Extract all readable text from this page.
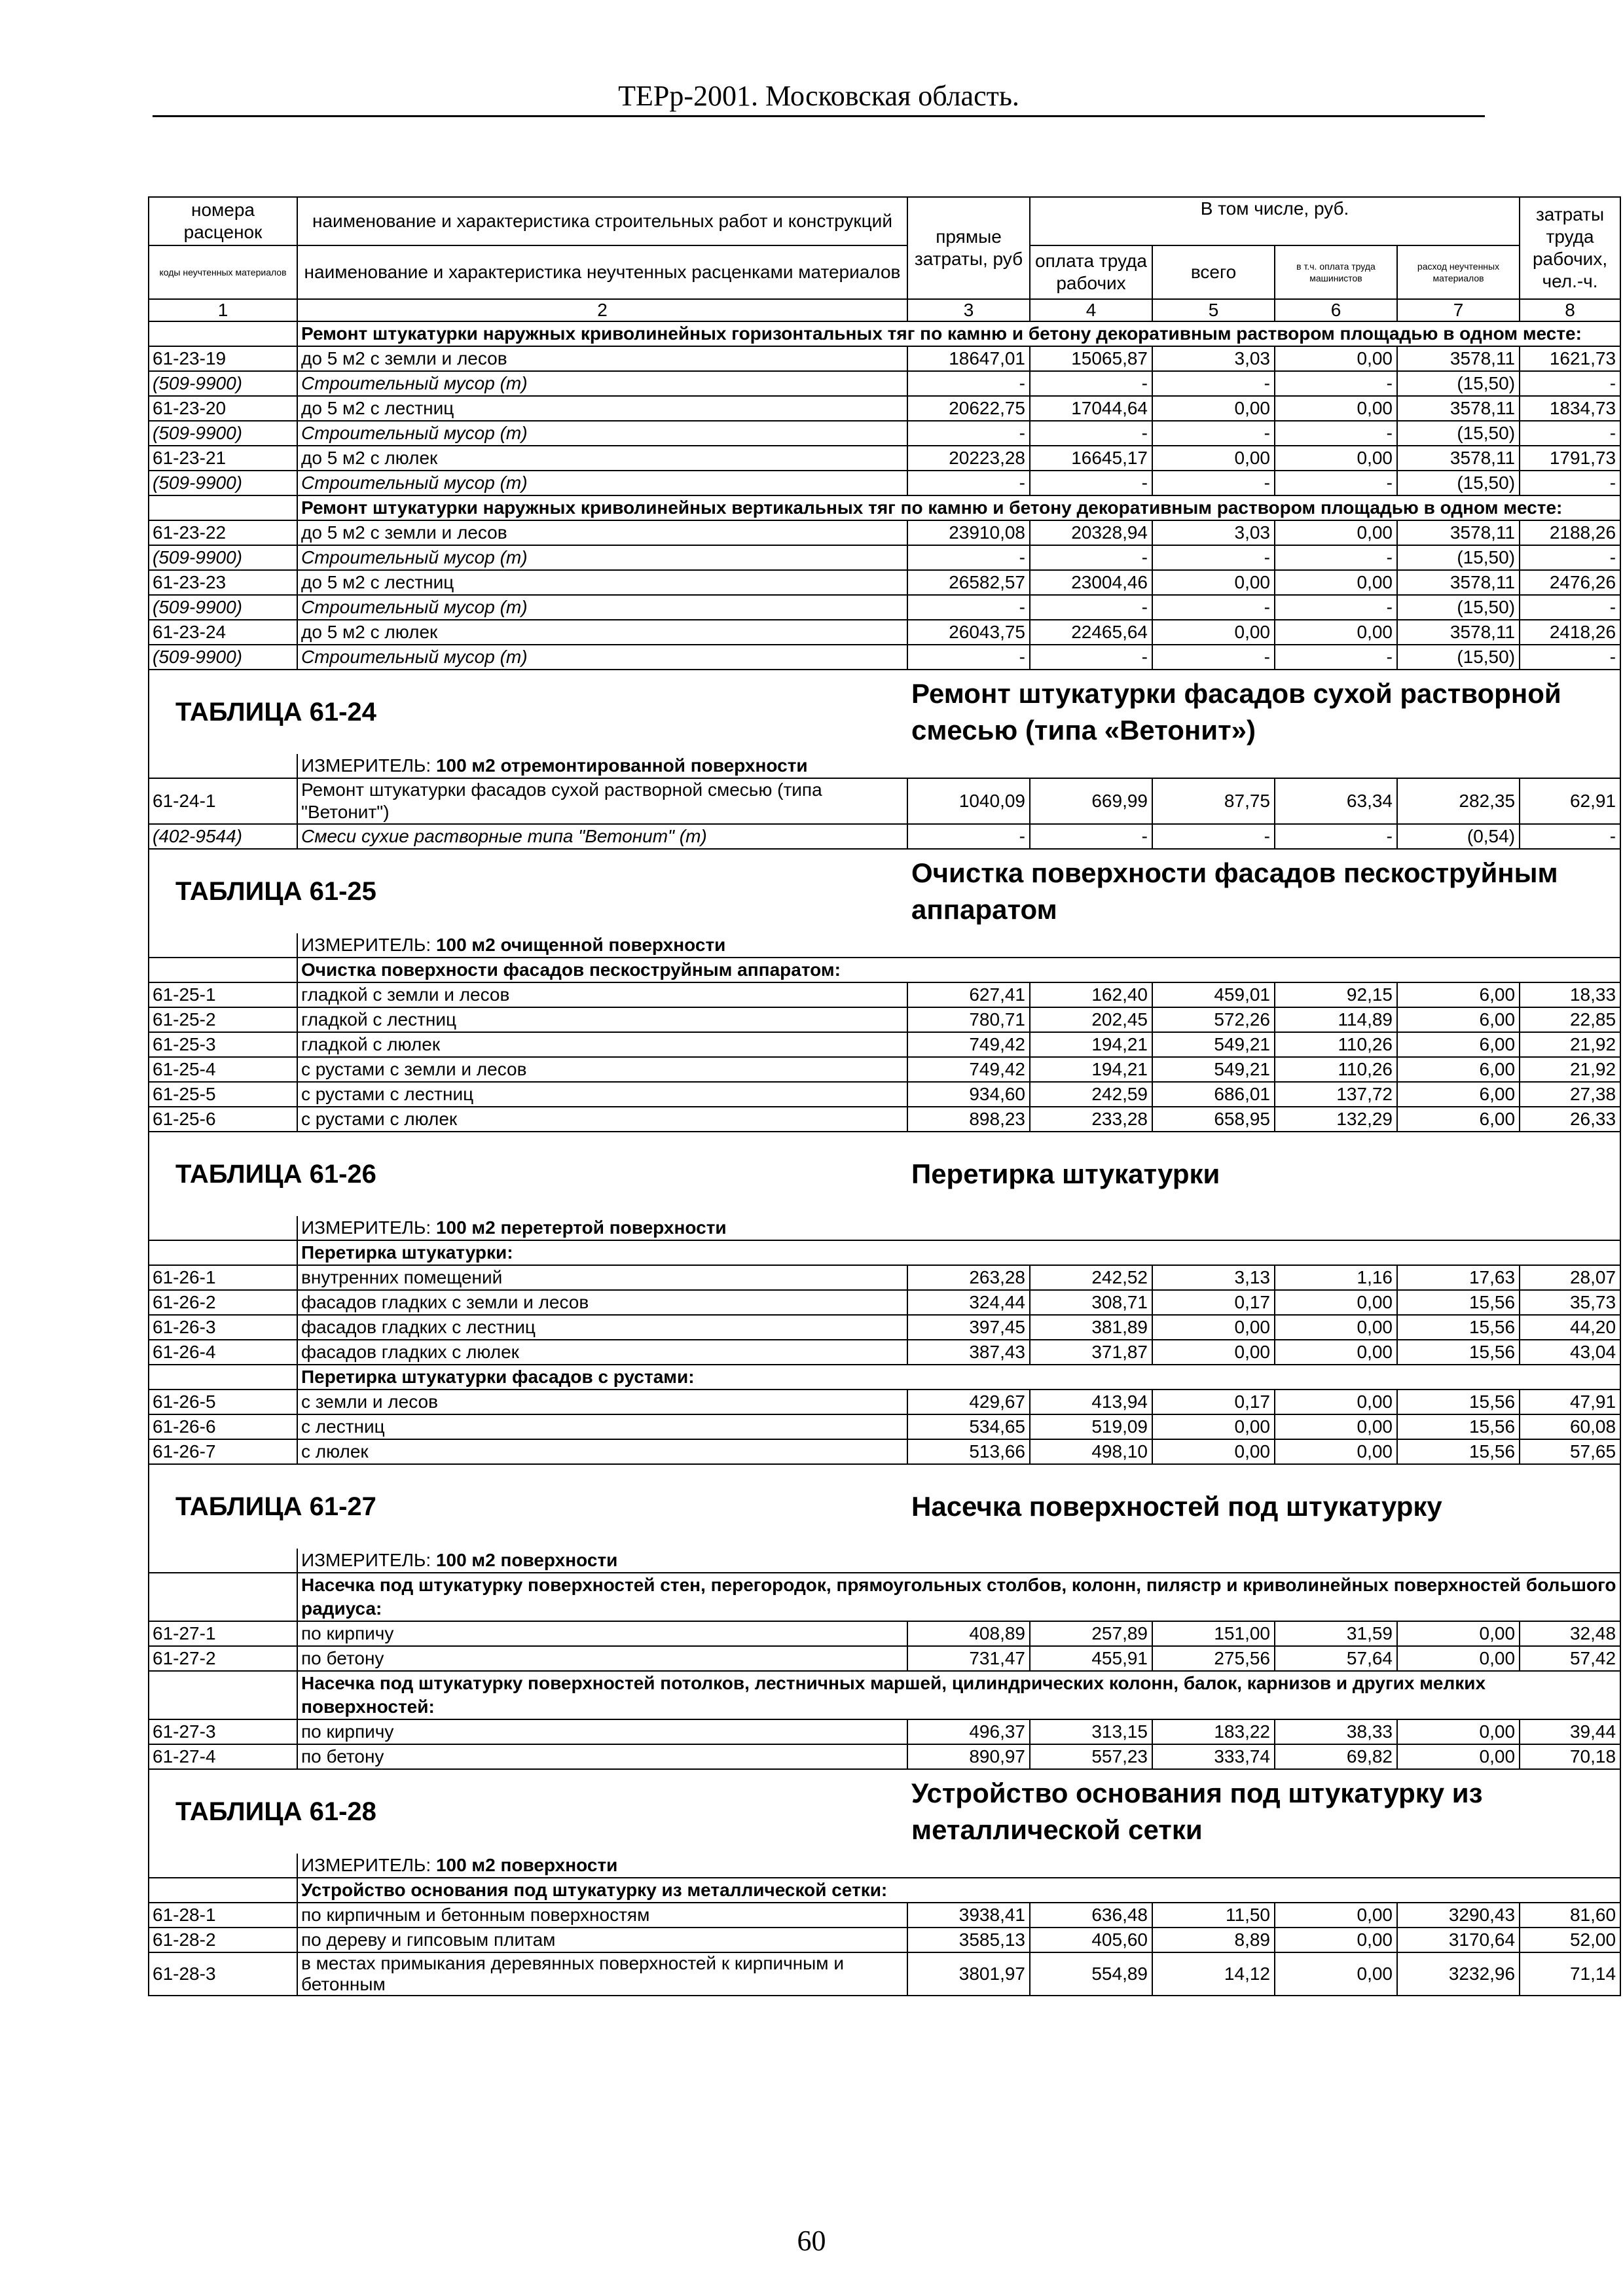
ТЕРр-2001. Московская область.
номера расценок	наименование и характеристика строительных работ и конструкций	прямые затраты, руб	В том числе, руб.				затраты труда рабочих, чел.-ч.
коды неучтенных материалов	наименование и характеристика неучтенных расценками материалов		оплата труда рабочих	всего	в т.ч. оплата труда машинистов	расход неучтенных материалов	
1	2	3	4	5	6	7	8
	Ремонт штукатурки наружных криволинейных горизонтальных тяг по камню и бетону декоративным раствором площадью в одном месте:						
61-23-19	до 5 м2 с земли и лесов	18647,01	15065,87	3,03	0,00	3578,11	1621,73
(509-9900)	Строительный мусор (т)	-	-	-	-	(15,50)	-
61-23-20	до 5 м2 с лестниц	20622,75	17044,64	0,00	0,00	3578,11	1834,73
(509-9900)	Строительный мусор (т)	-	-	-	-	(15,50)	-
61-23-21	до 5 м2 с люлек	20223,28	16645,17	0,00	0,00	3578,11	1791,73
(509-9900)	Строительный мусор (т)	-	-	-	-	(15,50)	-
	Ремонт штукатурки наружных криволинейных вертикальных тяг по камню и бетону декоративным раствором площадью в одном месте:						
61-23-22	до 5 м2 с земли и лесов	23910,08	20328,94	3,03	0,00	3578,11	2188,26
(509-9900)	Строительный мусор (т)	-	-	-	-	(15,50)	-
61-23-23	до 5 м2 с лестниц	26582,57	23004,46	0,00	0,00	3578,11	2476,26
(509-9900)	Строительный мусор (т)	-	-	-	-	(15,50)	-
61-23-24	до 5 м2 с люлек	26043,75	22465,64	0,00	0,00	3578,11	2418,26
(509-9900)	Строительный мусор (т)	-	-	-	-	(15,50)	-
ТАБЛИЦА 61-24		Ремонт штукатурки фасадов сухой растворной смесью (типа «Ветонит»)					
	ИЗМЕРИТЕЛЬ: 100 м2 отремонтированной поверхности						
61-24-1	Ремонт штукатурки фасадов сухой растворной смесью (типа "Ветонит")	1040,09	669,99	87,75	63,34	282,35	62,91
(402-9544)	Смеси сухие растворные типа "Ветонит" (т)	-	-	-	-	(0,54)	-
ТАБЛИЦА 61-25		Очистка поверхности фасадов пескоструйным аппаратом					
	ИЗМЕРИТЕЛЬ: 100 м2 очищенной поверхности						
	Очистка поверхности фасадов пескоструйным аппаратом:						
61-25-1	гладкой с земли и лесов	627,41	162,40	459,01	92,15	6,00	18,33
61-25-2	гладкой с лестниц	780,71	202,45	572,26	114,89	6,00	22,85
61-25-3	гладкой с люлек	749,42	194,21	549,21	110,26	6,00	21,92
61-25-4	с рустами с земли и лесов	749,42	194,21	549,21	110,26	6,00	21,92
61-25-5	с рустами с лестниц	934,60	242,59	686,01	137,72	6,00	27,38
61-25-6	с рустами с люлек	898,23	233,28	658,95	132,29	6,00	26,33
ТАБЛИЦА 61-26		Перетирка штукатурки					
	ИЗМЕРИТЕЛЬ: 100 м2 перетертой поверхности						
	Перетирка штукатурки:						
61-26-1	внутренних помещений	263,28	242,52	3,13	1,16	17,63	28,07
61-26-2	фасадов гладких с земли и лесов	324,44	308,71	0,17	0,00	15,56	35,73
61-26-3	фасадов гладких с лестниц	397,45	381,89	0,00	0,00	15,56	44,20
61-26-4	фасадов гладких с люлек	387,43	371,87	0,00	0,00	15,56	43,04
	Перетирка штукатурки фасадов с рустами:						
61-26-5	с земли и лесов	429,67	413,94	0,17	0,00	15,56	47,91
61-26-6	с лестниц	534,65	519,09	0,00	0,00	15,56	60,08
61-26-7	с люлек	513,66	498,10	0,00	0,00	15,56	57,65
ТАБЛИЦА 61-27		Насечка поверхностей под штукатурку					
	ИЗМЕРИТЕЛЬ: 100 м2 поверхности						
	Насечка под штукатурку поверхностей стен, перегородок, прямоугольных столбов, колонн, пилястр и криволинейных поверхностей большого радиуса:						
61-27-1	по кирпичу	408,89	257,89	151,00	31,59	0,00	32,48
61-27-2	по бетону	731,47	455,91	275,56	57,64	0,00	57,42
	Насечка под штукатурку поверхностей потолков, лестничных маршей, цилиндрических колонн, балок, карнизов и других мелких поверхностей:						
61-27-3	по кирпичу	496,37	313,15	183,22	38,33	0,00	39,44
61-27-4	по бетону	890,97	557,23	333,74	69,82	0,00	70,18
ТАБЛИЦА 61-28		Устройство основания под штукатурку из металлической сетки					
	ИЗМЕРИТЕЛЬ: 100 м2 поверхности						
	Устройство основания под штукатурку из металлической сетки:						
61-28-1	по кирпичным и бетонным поверхностям	3938,41	636,48	11,50	0,00	3290,43	81,60
61-28-2	по дереву и гипсовым плитам	3585,13	405,60	8,89	0,00	3170,64	52,00
61-28-3	в местах примыкания деревянных поверхностей к кирпичным и бетонным	3801,97	554,89	14,12	0,00	3232,96	71,14
60
